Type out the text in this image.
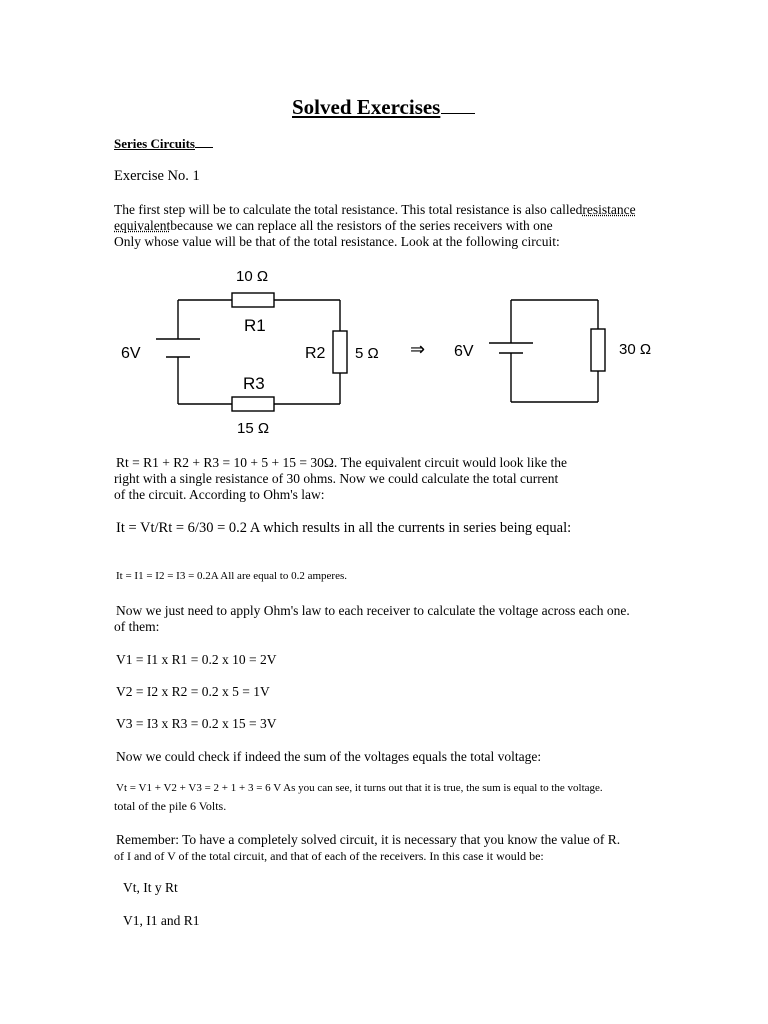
Solved Exercises
Series Circuits
Exercise No. 1
The first step will be to calculate the total resistance. This total resistance is also calledresistance
equivalentbecause we can replace all the resistors of the series receivers with one
Only whose value will be that of the total resistance. Look at the following circuit:
10 Ω
R1
R2 5 Ω
R3
15 Ω
6V	⇒ 6V	30 Ω
Rt = R1 + R2 + R3 = 10 + 5 + 15 = 30Ω. The equivalent circuit would look like the
right with a single resistance of 30 ohms. Now we could calculate the total current
of the circuit. According to Ohm's law:
It = Vt/Rt = 6/30 = 0.2 A which results in all the currents in series being equal:
It = I1 = I2 = I3 = 0.2A All are equal to 0.2 amperes.
Now we just need to apply Ohm's law to each receiver to calculate the voltage across each one.
of them:
V1 = I1 x R1 = 0.2 x 10 = 2V
V2 = I2 x R2 = 0.2 x 5 = 1V
V3 = I3 x R3 = 0.2 x 15 = 3V
Now we could check if indeed the sum of the voltages equals the total voltage:
Vt = V1 + V2 + V3 = 2 + 1 + 3 = 6 V As you can see, it turns out that it is true, the sum is equal to the voltage.
total of the pile 6 Volts.
Remember: To have a completely solved circuit, it is necessary that you know the value of R.
of I and of V of the total circuit, and that of each of the receivers. In this case it would be:
Vt, It y Rt
V1, I1 and R1
